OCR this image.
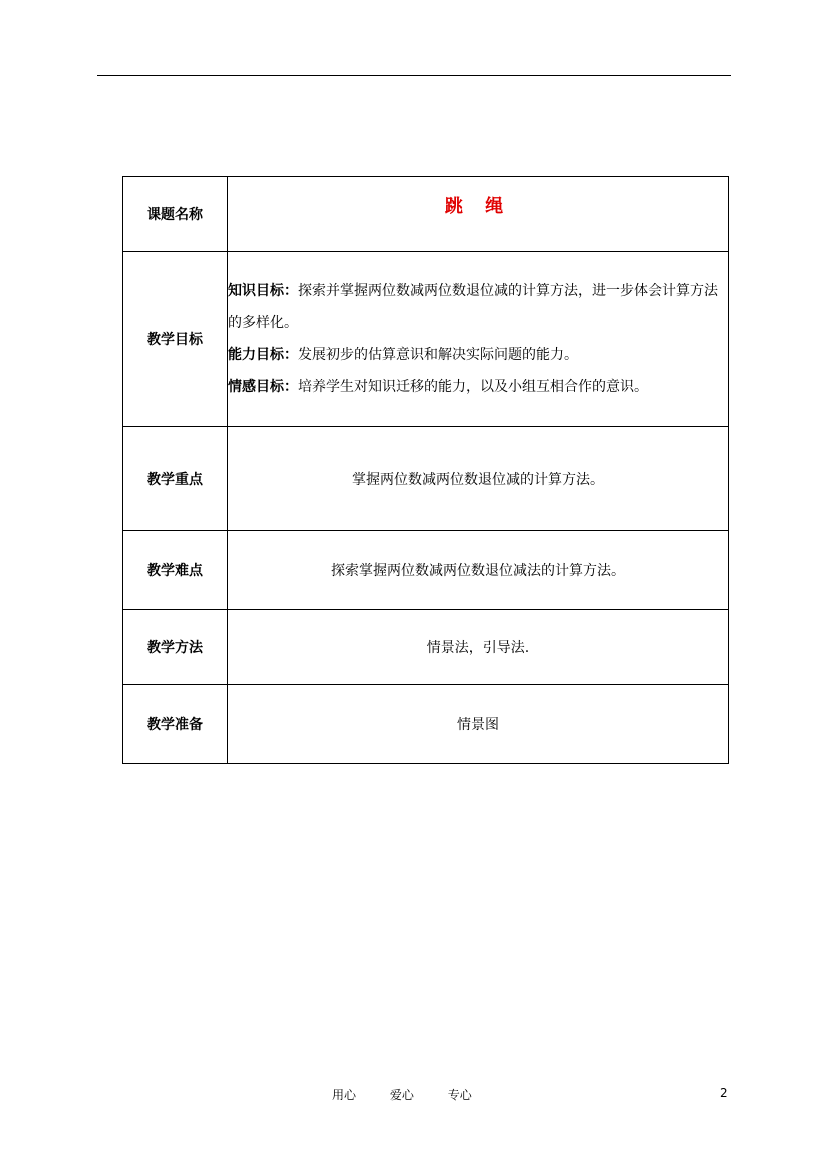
课题名称	跳 绳
教学目标	知识目标：探索并掌握两位数减两位数退位减的计算方法，进一步体会计算方法的多样化。
能力目标：发展初步的估算意识和解决实际问题的能力。
情感目标：培养学生对知识迁移的能力，以及小组互相合作的意识。

教学重点	掌握两位数减两位数退位减的计算方法。
教学难点	探索掌握两位数减两位数退位减法的计算方法。
教学方法	情景法，引导法.
教学准备	情景图
用心	爱心	专心	2
